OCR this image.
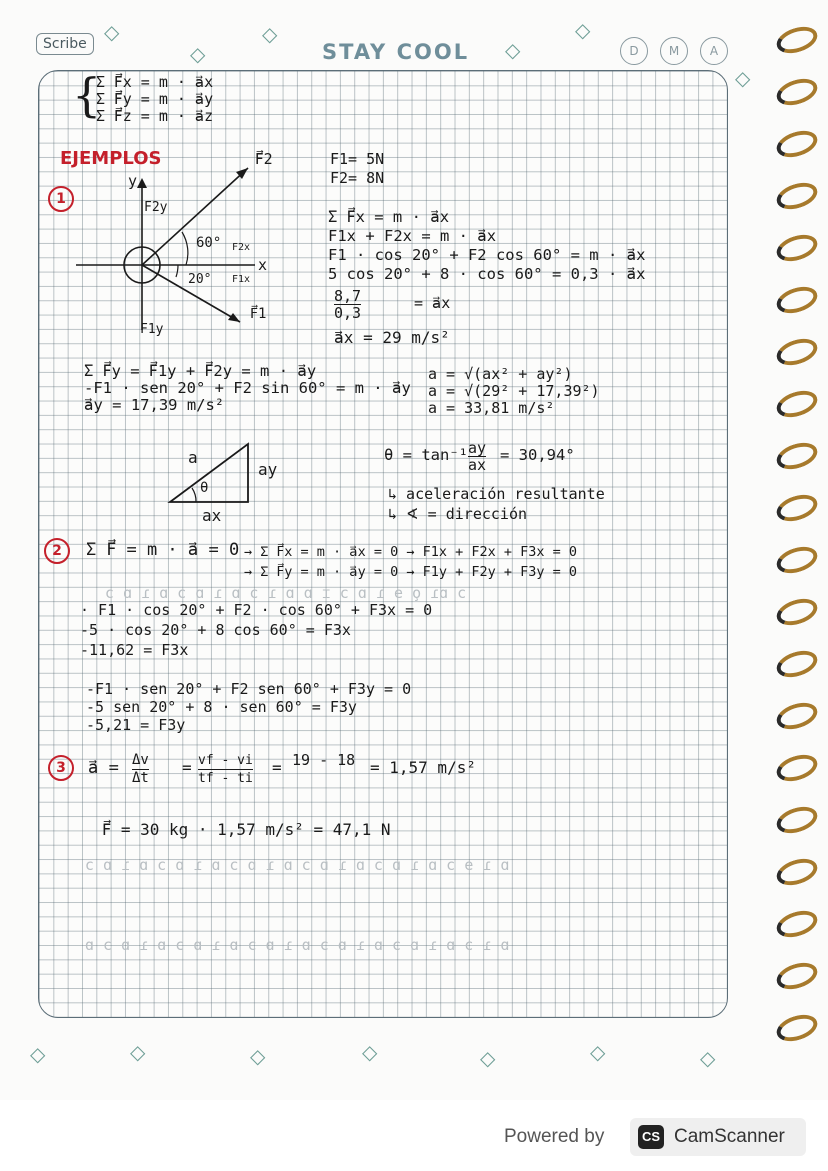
Scribe ◇
◇
◇
STAY COOL ◇
◇
D	M	A
◇
◇	◇	◇	◇	◇	◇	◇
ɔ ɒɿ ǫ ɘ ɿ ɒ ɔ ɪ ɒ ɒ ɿ ɔ ɒ ɿ ɒ ɔ ɒ ɿ ɒ ɔ
ɒ ɿ ɘ ɔ ɒ ɿ ɒ ɔ ɒ ɿ ɒ ɔ ɒ ɿ ɒ ɔ ɒ ɿ ɒ ɔ ɒ ɿ ɒ ɔ
ɒ ɿ ɔ ɒ ɿ ɒ ɔ ɒ ɿ ɒ ɔ ɒ ɿ ɒ ɔ ɒ ɿ ɒ ɔ ɒ ɿ ɒ ɔ ɒ
{
Σ F⃗x = m · a⃗x
Σ F⃗y = m · a⃗y
Σ F⃗z = m · a⃗z
EJEMPLOS
1
y
F2y
F⃗2
60° F2x
x
20° F1x
F⃗1
F1y
F1= 5N
F2= 8N
Σ F⃗x = m · a⃗x
F1x + F2x = m · a⃗x
F1 · cos 20° + F2 cos 60° = m · a⃗x
5 cos 20° + 8 · cos 60° = 0,3 · a⃗x
$\frac{8,7}{0,3}$	= a⃗x
a⃗x = 29 m/s²
Σ F⃗y = F⃗1y + F⃗2y = m · a⃗y
-F1 · sen 20° + F2 sin 60° = m · a⃗y
a⃗y = 17,39 m/s²
a = √(ax² + ay²)
a = √(29² + 17,39²)
a = 33,81 m/s²
a
ay
θ
ax
$\theta = \tan^{-1} \frac{ay}{ax} = 30,94^\circ$
↳ aceleración resultante
↳ ∢ = dirección
2	Σ F⃗ = m · a⃗ = 0 → Σ F⃗x = m · a⃗x = 0 → F1x + F2x + F3x = 0
→ Σ F⃗y = m · a⃗y = 0 → F1y + F2y + F3y = 0
· F1 · cos 20° + F2 · cos 60° + F3x = 0
-5 · cos 20° + 8 cos 60° = F3x
-11,62 = F3x
-F1 · sen 20° + F2 sen 60° + F3y = 0
-5 sen 20° + 8 · sen 60° = F3y
-5,21 = F3y
3	a⃗ = $\frac{\Delta v}{\Delta t} = \frac{vf - vi}{tf - ti} = 19 - 18 = 1,57$ m/s²
F⃗ = 30 kg · 1,57 m/s² = 47,1 N
Powered by	CS CamScanner
